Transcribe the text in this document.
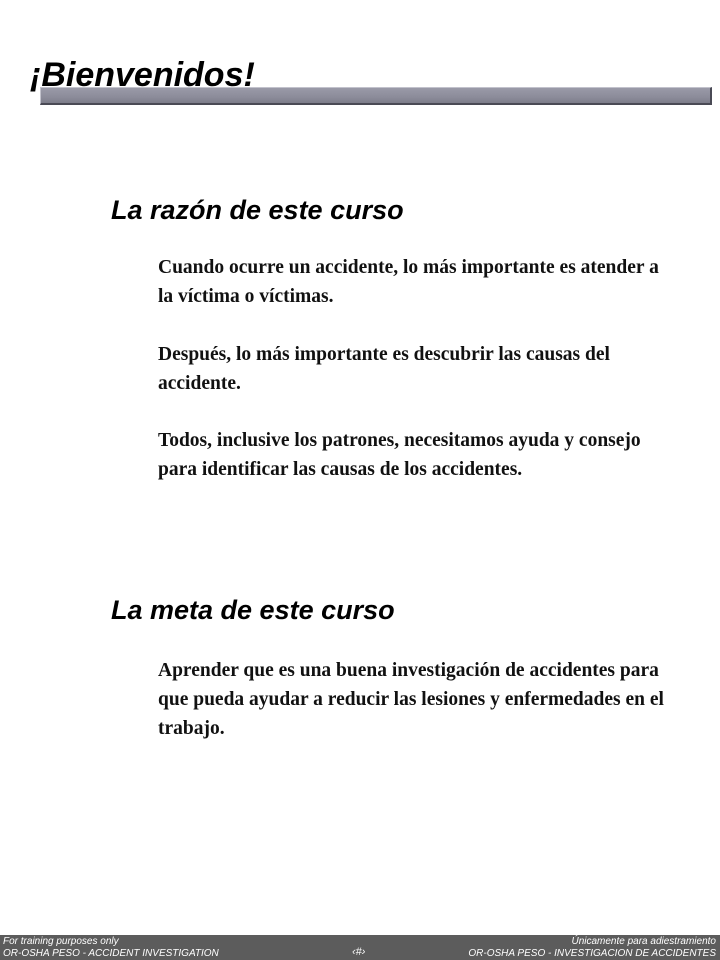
¡Bienvenidos!
La razón de este curso

Cuando ocurre un accidente, lo más importante es atender a la víctima o víctimas.

Después, lo más importante es descubrir las causas del accidente.

Todos, inclusive los patrones, necesitamos ayuda y consejo para identificar las causas de los accidentes.

La meta de este curso

Aprender que es una buena investigación de accidentes para que pueda ayudar a reducir las lesiones y enfermedades en el trabajo.

For training purposes only
OR-OSHA PESO - ACCIDENT INVESTIGATION	‹#›
Únicamente para adiestramiento
OR-OSHA PESO - INVESTIGACION DE ACCIDENTES
